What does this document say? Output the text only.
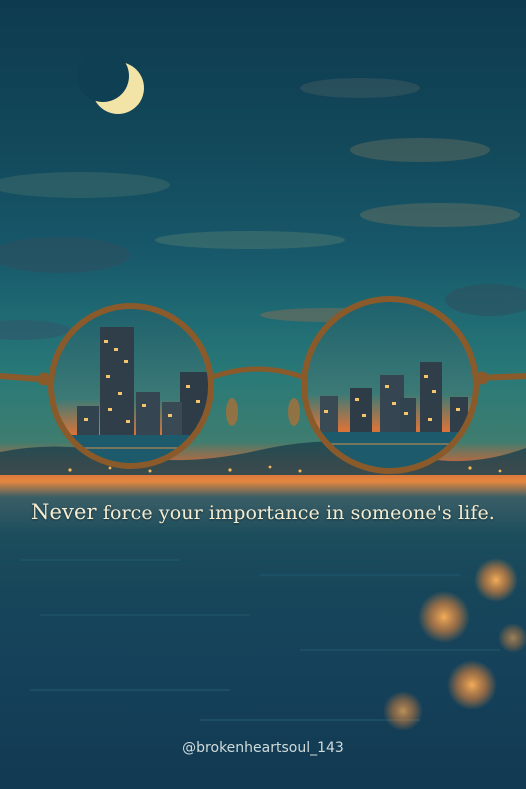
Never force your importance in someone's life.
@brokenheartsoul_143
